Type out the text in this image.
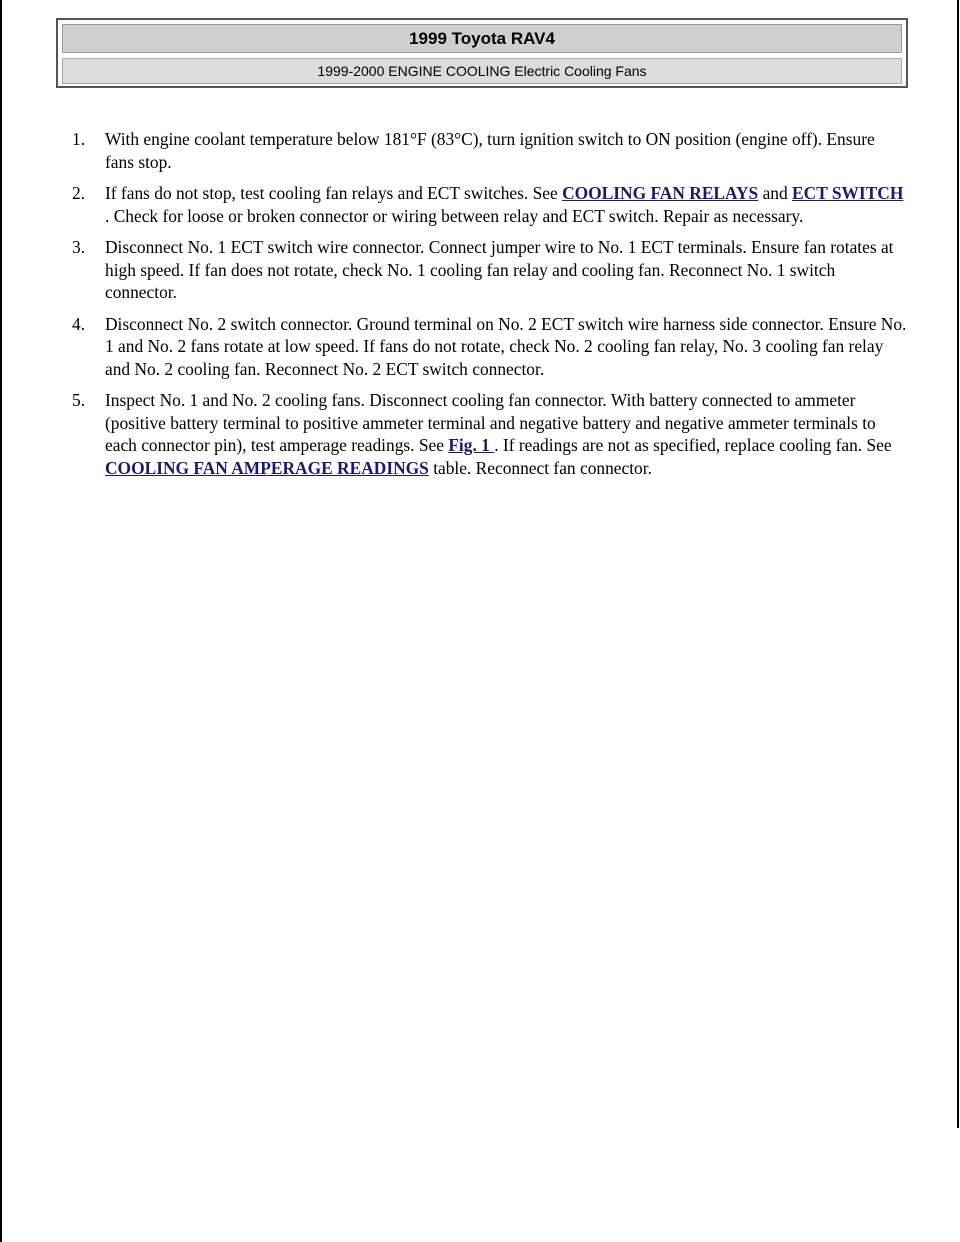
1999 Toyota RAV4
1999-2000 ENGINE COOLING Electric Cooling Fans
1. With engine coolant temperature below 181°F (83°C), turn ignition switch to ON position (engine off). Ensure fans stop.
2. If fans do not stop, test cooling fan relays and ECT switches. See COOLING FAN RELAYS and ECT SWITCH . Check for loose or broken connector or wiring between relay and ECT switch. Repair as necessary.
3. Disconnect No. 1 ECT switch wire connector. Connect jumper wire to No. 1 ECT terminals. Ensure fan rotates at high speed. If fan does not rotate, check No. 1 cooling fan relay and cooling fan. Reconnect No. 1 switch connector.
4. Disconnect No. 2 switch connector. Ground terminal on No. 2 ECT switch wire harness side connector. Ensure No. 1 and No. 2 fans rotate at low speed. If fans do not rotate, check No. 2 cooling fan relay, No. 3 cooling fan relay and No. 2 cooling fan. Reconnect No. 2 ECT switch connector.
5. Inspect No. 1 and No. 2 cooling fans. Disconnect cooling fan connector. With battery connected to ammeter (positive battery terminal to positive ammeter terminal and negative battery and negative ammeter terminals to each connector pin), test amperage readings. See Fig. 1 . If readings are not as specified, replace cooling fan. See COOLING FAN AMPERAGE READINGS table. Reconnect fan connector.
